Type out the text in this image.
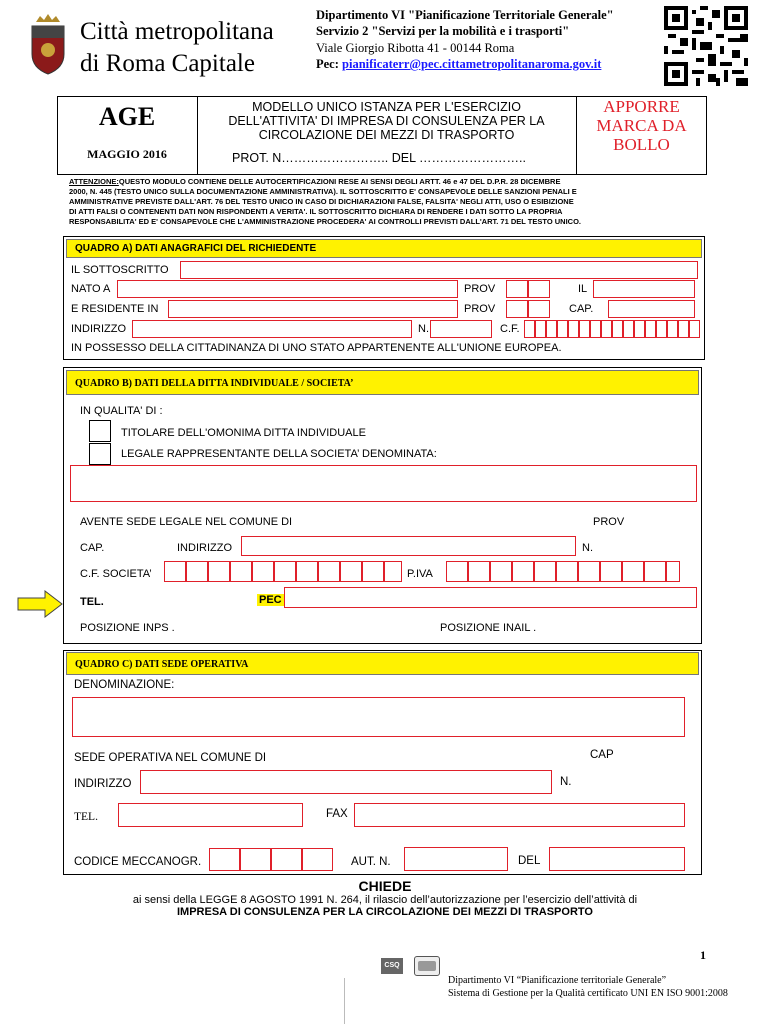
Città metropolitana
di Roma Capitale
Dipartimento VI "Pianificazione Territoriale Generale"
Servizio 2 "Servizi per la mobilità e i trasporti"
Viale Giorgio Ribotta 41 - 00144 Roma
Pec: pianificaterr@pec.cittametropolitanaroma.gov.it
AGE
MAGGIO 2016
MODELLO UNICO ISTANZA PER L'ESERCIZIO
DELL'ATTIVITA' DI IMPRESA DI CONSULENZA PER LA
CIRCOLAZIONE DEI MEZZI DI TRASPORTO
PROT. N…………………….. DEL ……………………..
APPORRE
MARCA DA
BOLLO
ATTENZIONE:QUESTO MODULO CONTIENE DELLE AUTOCERTIFICAZIONI RESE AI SENSI DEGLI ARTT. 46 e 47 DEL D.P.R. 28 DICEMBRE
2000, N. 445 (TESTO UNICO SULLA DOCUMENTAZIONE AMMINISTRATIVA). IL SOTTOSCRITTO E' CONSAPEVOLE DELLE SANZIONI PENALI E
AMMINISTRATIVE PREVISTE DALL'ART. 76 DEL TESTO UNICO IN CASO DI DICHIARAZIONI FALSE, FALSITA' NEGLI ATTI, USO O ESIBIZIONE
DI ATTI FALSI O CONTENENTI DATI NON RISPONDENTI A VERITA'. IL SOTTOSCRITTO DICHIARA DI RENDERE I DATI SOTTO LA PROPRIA
RESPONSABILITA' ED E' CONSAPEVOLE CHE L'AMMINISTRAZIONE PROCEDERA' AI CONTROLLI PREVISTI DALL'ART. 71 DEL TESTO UNICO.
QUADRO A) DATI ANAGRAFICI DEL RICHIEDENTE
IL SOTTOSCRITTO
NATO A	PROV	IL
E RESIDENTE IN	PROV	CAP.
INDIRIZZO	N.	C.F.
IN POSSESSO DELLA CITTADINANZA DI UNO STATO APPARTENENTE ALL'UNIONE EUROPEA.
QUADRO B) DATI DELLA DITTA INDIVIDUALE / SOCIETA’
IN QUALITA' DI :
TITOLARE DELL'OMONIMA DITTA INDIVIDUALE
LEGALE RAPPRESENTANTE DELLA SOCIETA’ DENOMINATA:
AVENTE SEDE LEGALE NEL COMUNE DI	PROV
CAP.	INDIRIZZO	N.
C.F. SOCIETA’	P.IVA
TEL.	PEC
POSIZIONE INPS .	POSIZIONE INAIL .
QUADRO C) DATI SEDE OPERATIVA
DENOMINAZIONE:
SEDE OPERATIVA NEL COMUNE DI	CAP
INDIRIZZO	N.
TEL.	FAX
CODICE MECCANOGR.	AUT. N.	DEL
CHIEDE
ai sensi della LEGGE 8 AGOSTO 1991 N. 264, il rilascio dell’autorizzazione per l’esercizio dell’attività di
IMPRESA DI CONSULENZA PER LA CIRCOLAZIONE DEI MEZZI DI TRASPORTO
1
CSQ
Dipartimento VI “Pianificazione territoriale Generale”
Sistema di Gestione per la Qualità certificato UNI EN ISO 9001:2008
